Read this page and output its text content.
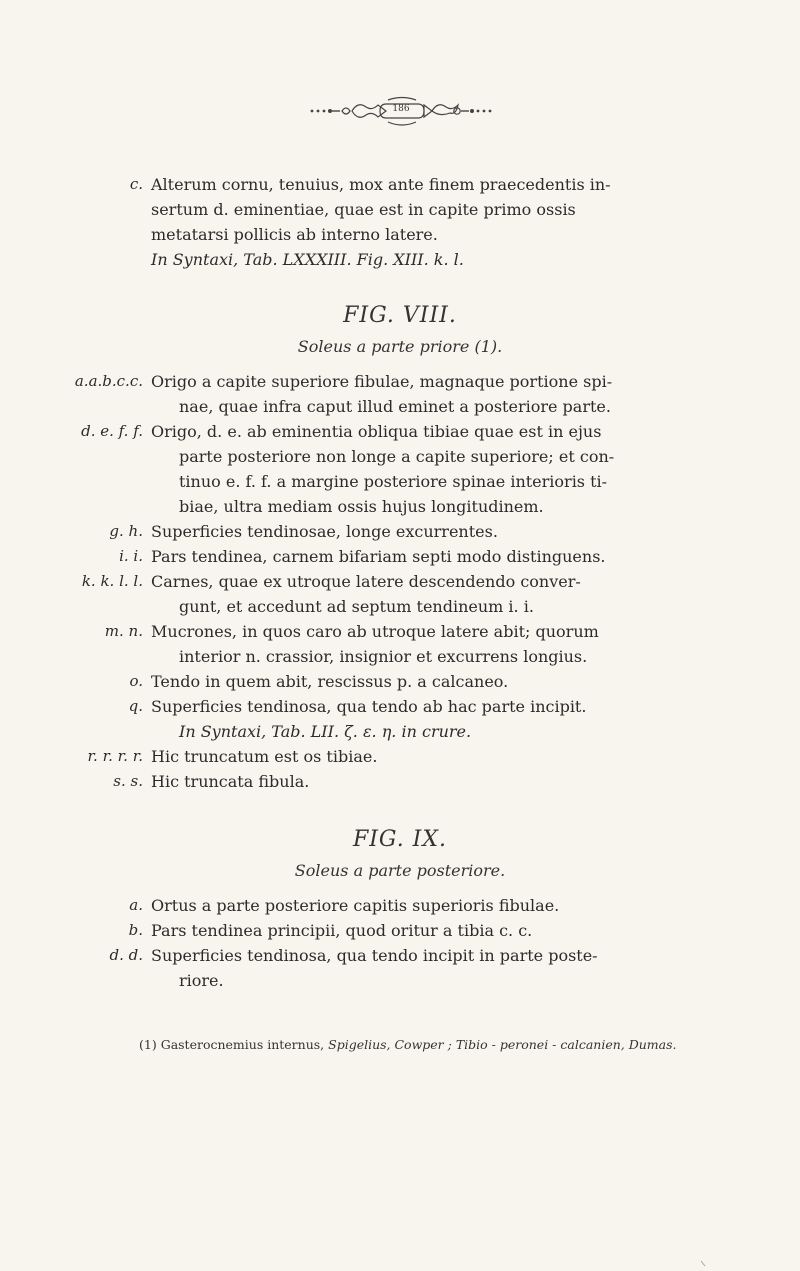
186
c. Alterum cornu, tenuius, mox ante finem praecedentis in-
sertum d. eminentiae, quae est in capite primo ossis
metatarsi pollicis ab interno latere.
In Syntaxi, Tab. LXXXIII. Fig. XIII. k. l.
FIG. VIII.
Soleus a parte priore (1).
a.a.b.c.c. Origo a capite superiore fibulae, magnaque portione spi-
nae, quae infra caput illud eminet a posteriore parte.
d. e. f. f. Origo, d. e. ab eminentia obliqua tibiae quae est in ejus
parte posteriore non longe a capite superiore; et con-
tinuo e. f. f. a margine posteriore spinae interioris ti-
biae, ultra mediam ossis hujus longitudinem.
g. h. Superficies tendinosae, longe excurrentes.
i. i. Pars tendinea, carnem bifariam septi modo distinguens.
k. k. l. l. Carnes, quae ex utroque latere descendendo conver-
gunt, et accedunt ad septum tendineum i. i.
m. n. Mucrones, in quos caro ab utroque latere abit; quorum
interior n. crassior, insignior et excurrens longius.
o. Tendo in quem abit, rescissus p. a calcaneo.
q. Superficies tendinosa, qua tendo ab hac parte incipit.
In Syntaxi, Tab. LII. ζ. ε. η. in crure.
r. r. r. r. Hic truncatum est os tibiae.
s. s. Hic truncata fibula.
FIG. IX.
Soleus a parte posteriore.
a. Ortus a parte posteriore capitis superioris fibulae.
b. Pars tendinea principii, quod oritur a tibia c. c.
d. d. Superficies tendinosa, qua tendo incipit in parte poste-
riore.
(1) Gasterocnemius internus, Spigelius, Cowper ; Tibio - peronei - calcanien, Dumas.
